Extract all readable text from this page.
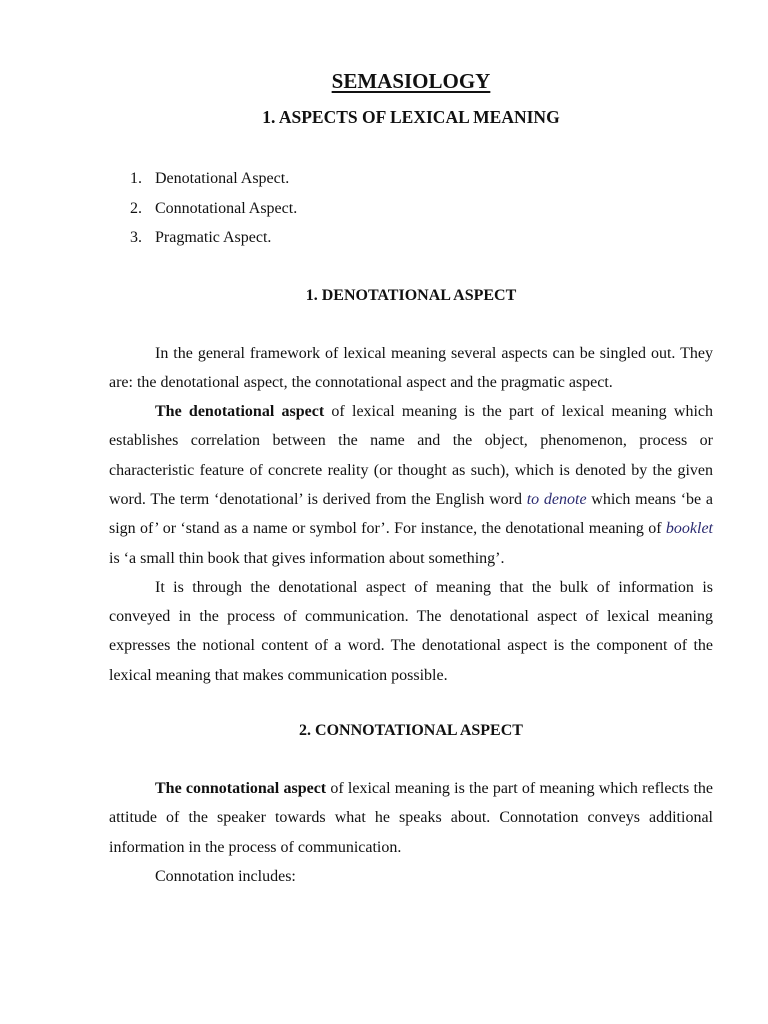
SEMASIOLOGY
1. ASPECTS OF LEXICAL MEANING
1. Denotational Aspect.
2. Connotational Aspect.
3. Pragmatic Aspect.
1. DENOTATIONAL ASPECT

In the general framework of lexical meaning several aspects can be singled out. They are: the denotational aspect, the connotational aspect and the pragmatic aspect.

The denotational aspect of lexical meaning is the part of lexical meaning which establishes correlation between the name and the object, phenomenon, process or characteristic feature of concrete reality (or thought as such), which is denoted by the given word. The term ‘denotational’ is derived from the English word to denote which means ‘be a sign of’ or ‘stand as a name or symbol for’. For instance, the denotational meaning of booklet is ‘a small thin book that gives information about something’.

It is through the denotational aspect of meaning that the bulk of information is conveyed in the process of communication. The denotational aspect of lexical meaning expresses the notional content of a word. The denotational aspect is the component of the lexical meaning that makes communication possible.

2. CONNOTATIONAL ASPECT

The connotational aspect of lexical meaning is the part of meaning which reflects the attitude of the speaker towards what he speaks about. Connotation conveys additional information in the process of communication.

Connotation includes:
